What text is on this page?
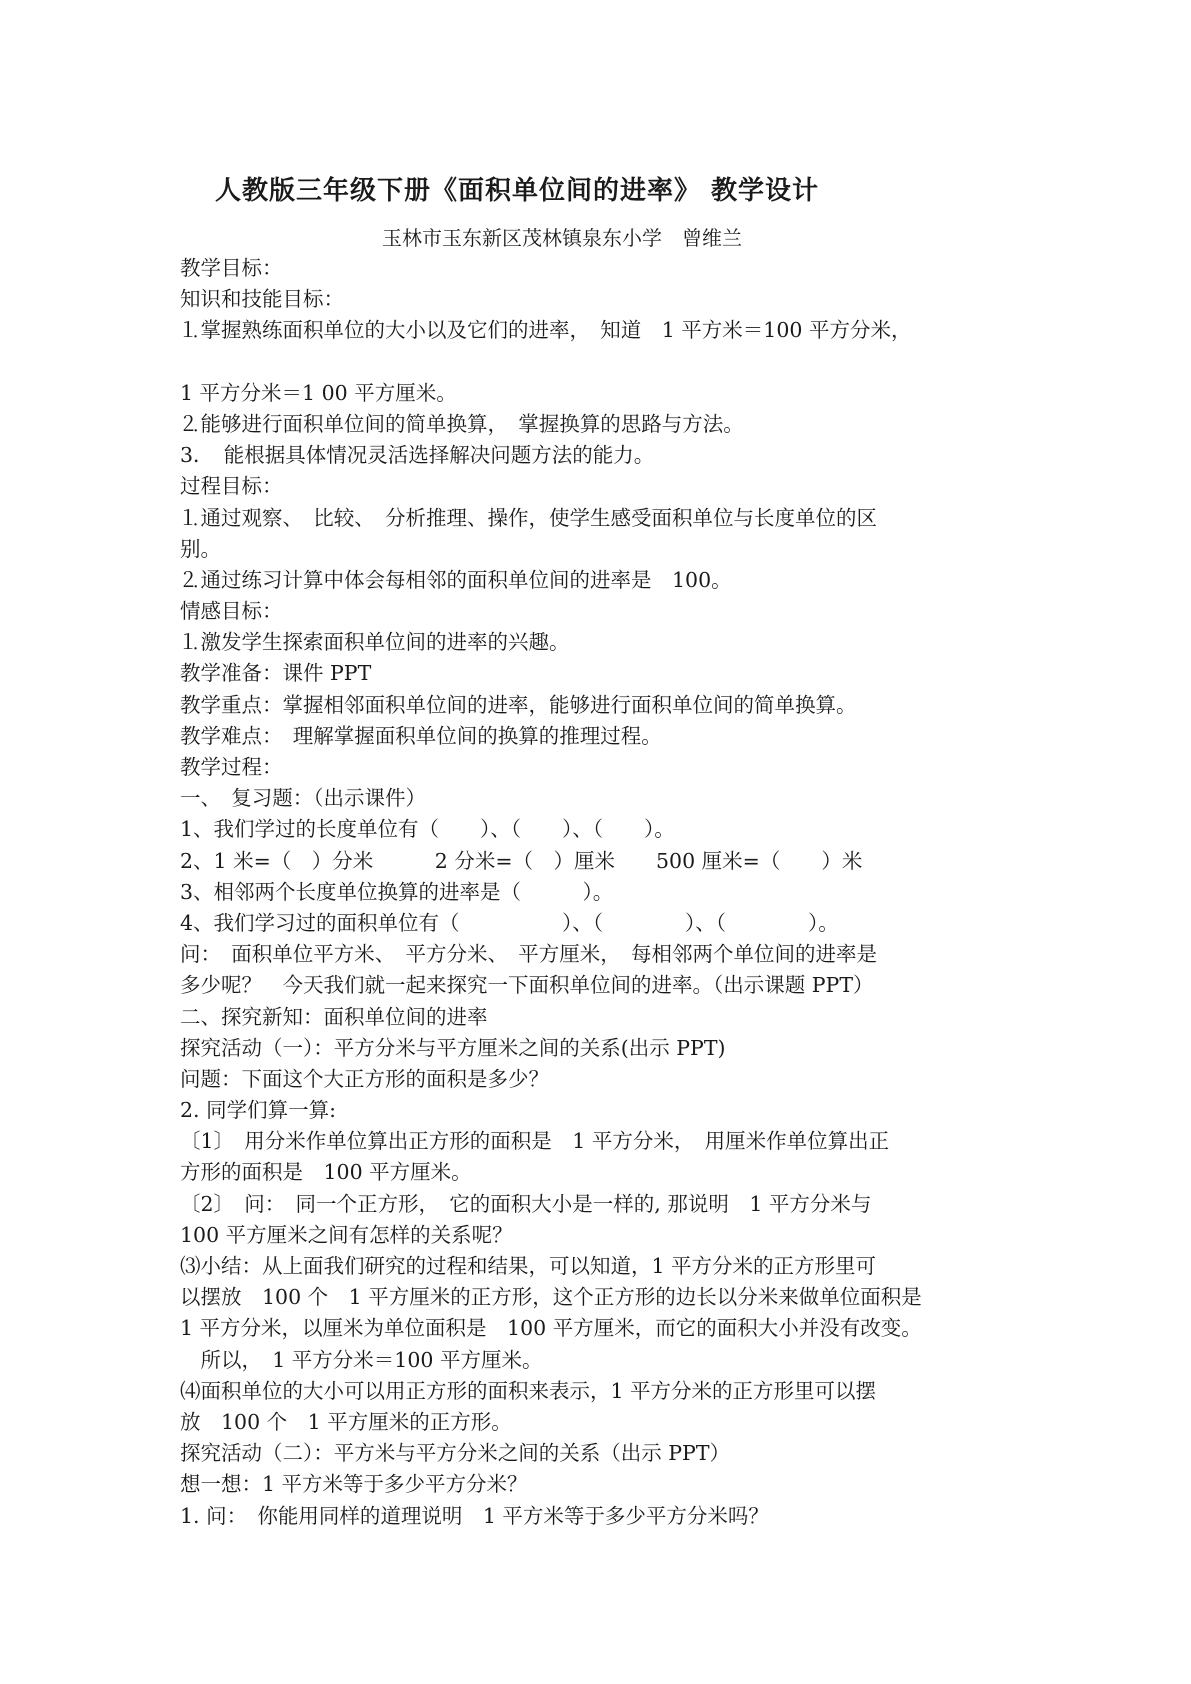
人教版三年级下册《面积单位间的进率》 教学设计
玉林市玉东新区茂林镇泉东小学　曾维兰
教学目标：
知识和技能目标：
⒈掌握熟练面积单位的大小以及它们的进率，　知道　1 平方米＝100 平方分米，
1 平方分米＝1 00 平方厘米。
⒉能够进行面积单位间的简单换算，　掌握换算的思路与方法。
3．　能根据具体情况灵活选择解决问题方法的能力。
过程目标：
⒈通过观察、　比较、　分析推理、操作，使学生感受面积单位与长度单位的区
别。
⒉通过练习计算中体会每相邻的面积单位间的进率是　100。
情感目标：
⒈激发学生探索面积单位间的进率的兴趣。
教学准备：课件 PPT
教学重点：掌握相邻面积单位间的进率，能够进行面积单位间的简单换算。
教学难点：　理解掌握面积单位间的换算的推理过程。
教学过程：
一、　复习题：（出示课件）
1、我们学过的长度单位有（　　）、（　　）、（　　）。
2、1 米=（　）分米　　　2 分米=（　）厘米　　500 厘米=（　　）米
3、相邻两个长度单位换算的进率是（　　　）。
4、我们学习过的面积单位有（　　　　　）、（　　　　）、（　　　　）。
问：　面积单位平方米、　平方分米、　平方厘米，　每相邻两个单位间的进率是
多少呢？　今天我们就一起来探究一下面积单位间的进率。（出示课题 PPT）
二、探究新知：面积单位间的进率
探究活动（一）：平方分米与平方厘米之间的关系(出示 PPT)
问题：下面这个大正方形的面积是多少？
2. 同学们算一算:
〔1〕　用分米作单位算出正方形的面积是　1 平方分米，　用厘米作单位算出正
方形的面积是　100 平方厘米。
〔2〕　问：　同一个正方形，　它的面积大小是一样的, 那说明　1 平方分米与
100 平方厘米之间有怎样的关系呢？
⑶小结：从上面我们研究的过程和结果，可以知道，1 平方分米的正方形里可
以摆放　100 个　1 平方厘米的正方形，这个正方形的边长以分米来做单位面积是
1 平方分米，以厘米为单位面积是　100 平方厘米，而它的面积大小并没有改变。
　所以，　1 平方分米＝100 平方厘米。
⑷面积单位的大小可以用正方形的面积来表示，1 平方分米的正方形里可以摆
放　100 个　1 平方厘米的正方形。
探究活动（二）：平方米与平方分米之间的关系（出示 PPT）
想一想：1 平方米等于多少平方分米？
1. 问：　你能用同样的道理说明　1 平方米等于多少平方分米吗？
